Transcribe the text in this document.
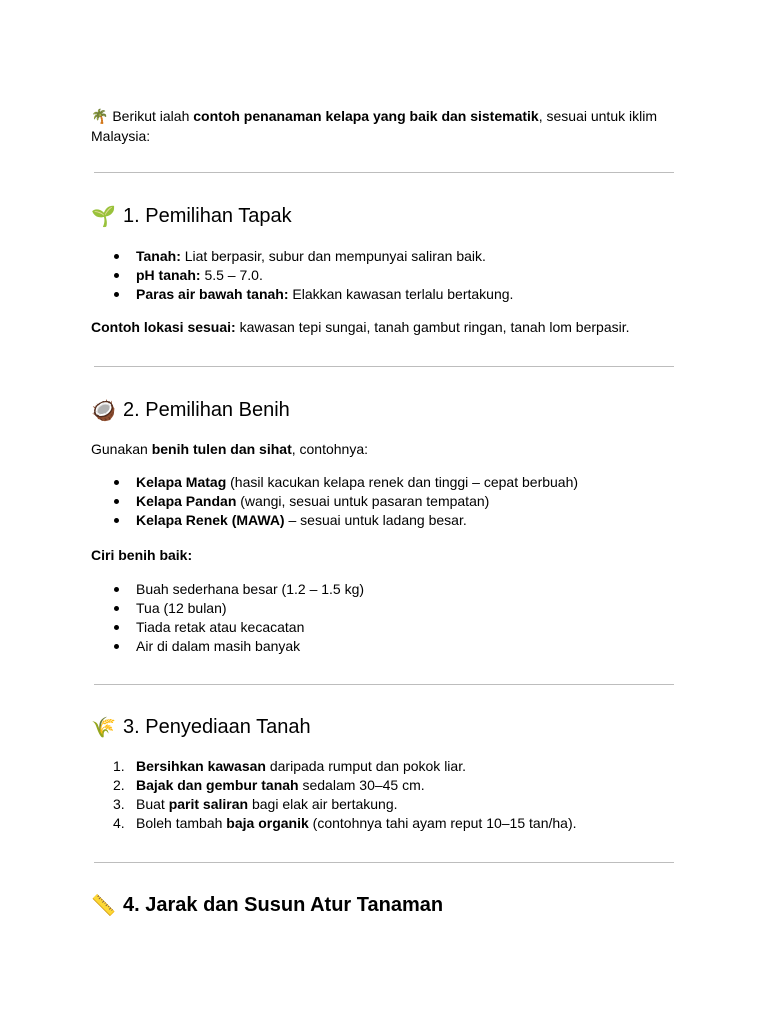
🌴 Berikut ialah contoh penanaman kelapa yang baik dan sistematik, sesuai untuk iklim Malaysia:

🌱 1. Pemilihan Tapak
Tanah: Liat berpasir, subur dan mempunyai saliran baik.
pH tanah: 5.5 – 7.0.
Paras air bawah tanah: Elakkan kawasan terlalu bertakung.

Contoh lokasi sesuai: kawasan tepi sungai, tanah gambut ringan, tanah lom berpasir.

🥥 2. Pemilihan Benih

Gunakan benih tulen dan sihat, contohnya:

Kelapa Matag (hasil kacukan kelapa renek dan tinggi – cepat berbuah)
Kelapa Pandan (wangi, sesuai untuk pasaran tempatan)
Kelapa Renek (MAWA) – sesuai untuk ladang besar.

Ciri benih baik:

Buah sederhana besar (1.2 – 1.5 kg)
Tua (12 bulan)
Tiada retak atau kecacatan
Air di dalam masih banyak
🌾 3. Penyediaan Tanah
1. Bersihkan kawasan daripada rumput dan pokok liar.
2. Bajak dan gembur tanah sedalam 30–45 cm.
3. Buat parit saliran bagi elak air bertakung.
4. Boleh tambah baja organik (contohnya tahi ayam reput 10–15 tan/ha).
📏 4. Jarak dan Susun Atur Tanaman
